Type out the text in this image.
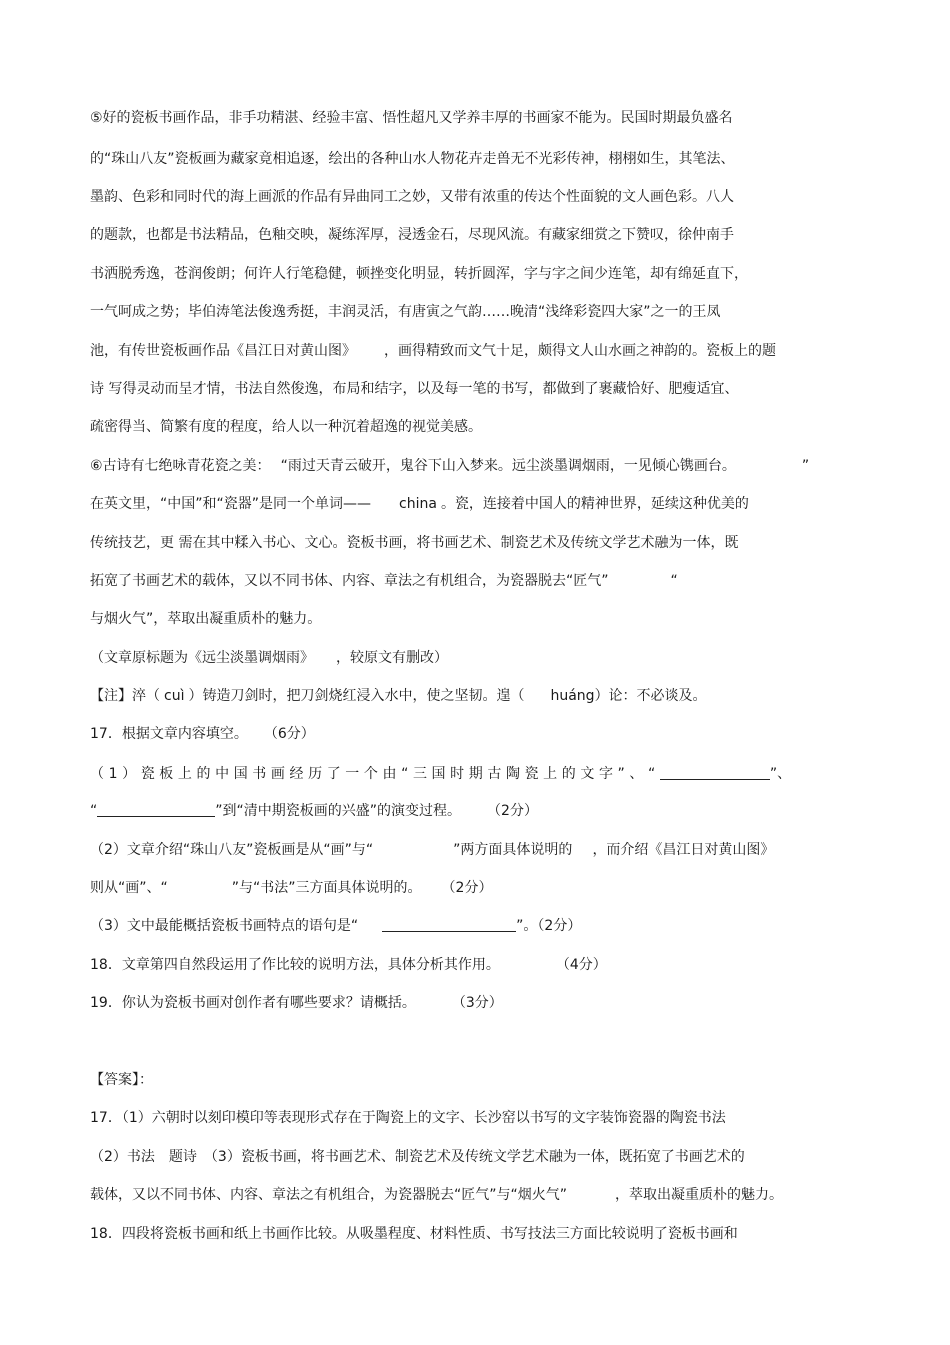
⑤好的瓷板书画作品，非手功精湛、经验丰富、悟性超凡又学养丰厚的书画家不能为。民国时期最负盛名
的“珠山八友”瓷板画为藏家竟相追逐，绘出的各种山水人物花卉走兽无不光彩传神，栩栩如生，其笔法、
墨韵、色彩和同时代的海上画派的作品有异曲同工之妙，又带有浓重的传达个性面貌的文人画色彩。八人
的题款，也都是书法精品，色釉交映，凝练浑厚，浸透金石，尽现风流。有藏家细赏之下赞叹，徐仲南手
书洒脱秀逸，苍润俊朗；何许人行笔稳健，顿挫变化明显，转折圆浑，字与字之间少连笔，却有绵延直下，
一气呵成之势；毕伯涛笔法俊逸秀挺，丰润灵活，有唐寅之气韵……晚清“浅绛彩瓷四大家”之一的王凤
池，有传世瓷板画作品《昌江日对黄山图》 ，画得精致而文气十足，颇得文人山水画之神韵的。瓷板上的题
诗 写得灵动而呈才情，书法自然俊逸，布局和结字，以及每一笔的书写，都做到了裹藏恰好、肥瘦适宜、
疏密得当、简繁有度的程度，给人以一种沉着超逸的视觉美感。
⑥古诗有七绝咏青花瓷之美： “雨过天青云破开，鬼谷下山入梦来。远尘淡墨调烟雨，一见倾心镌画台。	”
在英文里，“中国”和“瓷器”是同一个单词—— china 。瓷，连接着中国人的精神世界，延续这种优美的
传统技艺，更 需在其中糅入书心、文心。瓷板书画，将书画艺术、制瓷艺术及传统文学艺术融为一体，既
拓宽了书画艺术的载体，又以不同书体、内容、章法之有机组合，为瓷器脱去“匠气”	“
与烟火气”，萃取出凝重质朴的魅力。
（文章原标题为《远尘淡墨调烟雨》 ，较原文有删改）
【注】淬（ cuì ）铸造刀剑时，把刀剑烧红浸入水中，使之坚韧。遑（ huáng）论：不必谈及。
17．根据文章内容填空。 （6分）
（1）瓷板上的中国书画经历了一个由“三国时期古陶瓷上的文字”、“	”、
“	”到“清中期瓷板画的兴盛”的演变过程。 （2分）
（2）文章介绍“珠山八友”瓷板画是从“画”与“	”两方面具体说明的 ，而介绍《昌江日对黄山图》
则从“画”、“	”与“书法”三方面具体说明的。 （2分）
（3）文中最能概括瓷板书画特点的语句是“	”。（2分）
18．文章第四自然段运用了作比较的说明方法，具体分析其作用。	（4分）
19．你认为瓷板书画对创作者有哪些要求？请概括。	（3分）
【答案】：
17．（1）六朝时以刻印模印等表现形式存在于陶瓷上的文字、长沙窑以书写的文字装饰瓷器的陶瓷书法
（2）书法　题诗　（3）瓷板书画，将书画艺术、制瓷艺术及传统文学艺术融为一体，既拓宽了书画艺术的
载体，又以不同书体、内容、章法之有机组合，为瓷器脱去“匠气”与“烟火气”	，萃取出凝重质朴的魅力。
18．四段将瓷板书画和纸上书画作比较。从吸墨程度、材料性质、书写技法三方面比较说明了瓷板书画和
